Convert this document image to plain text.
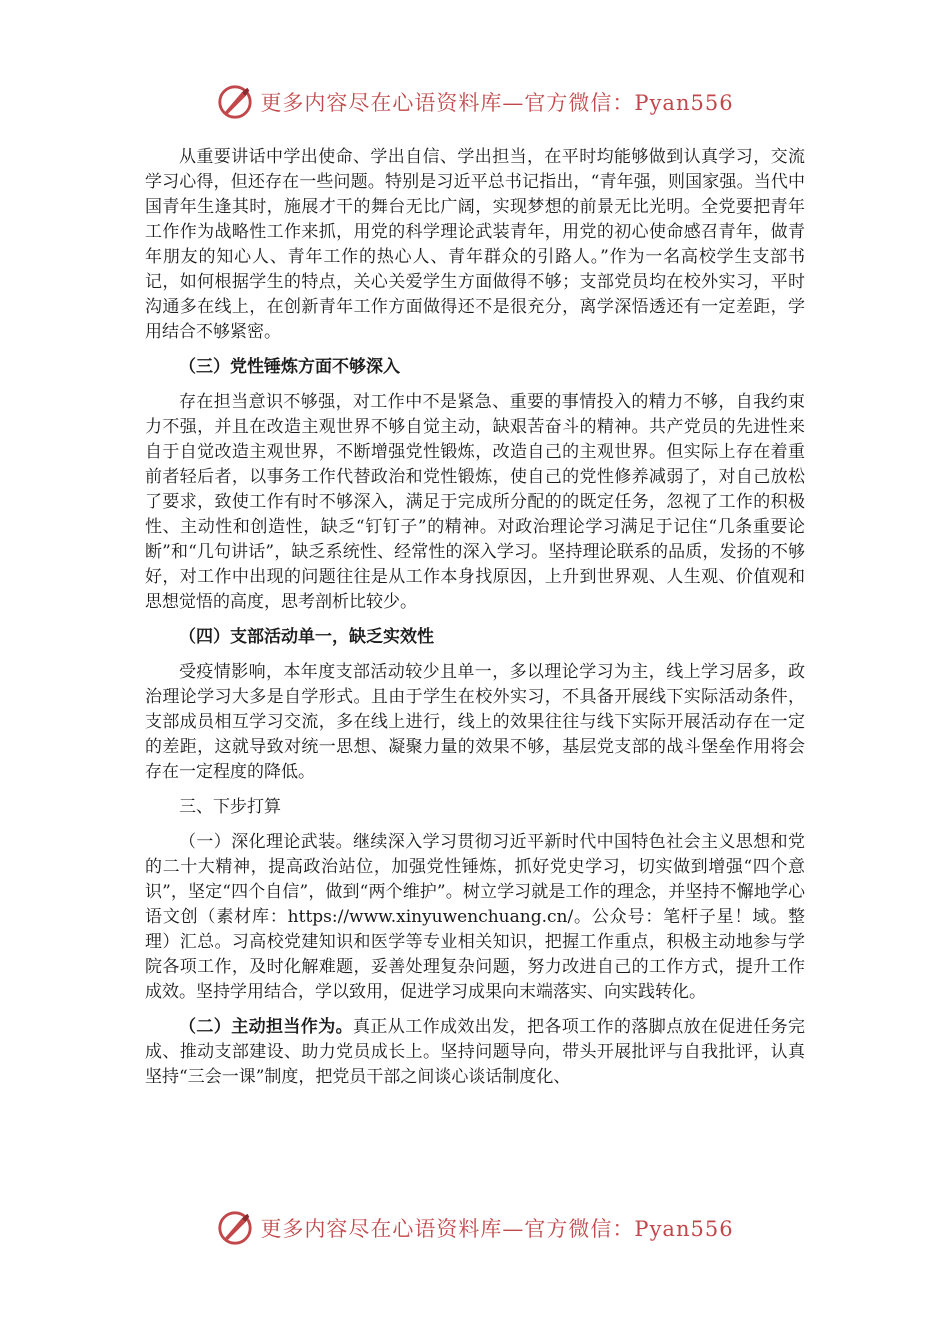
更多内容尽在心语资料库—官方微信：Pyan556

从重要讲话中学出使命、学出自信、学出担当，在平时均能够做到认真学习，交流学习心得，但还存在一些问题。特别是习近平总书记指出，“青年强，则国家强。当代中国青年生逢其时，施展才干的舞台无比广阔，实现梦想的前景无比光明。全党要把青年工作作为战略性工作来抓，用党的科学理论武装青年，用党的初心使命感召青年，做青年朋友的知心人、青年工作的热心人、青年群众的引路人。”作为一名高校学生支部书记，如何根据学生的特点，关心关爱学生方面做得不够；支部党员均在校外实习，平时沟通多在线上，在创新青年工作方面做得还不是很充分，离学深悟透还有一定差距，学用结合不够紧密。

（三）党性锤炼方面不够深入

存在担当意识不够强，对工作中不是紧急、重要的事情投入的精力不够，自我约束力不强，并且在改造主观世界不够自觉主动，缺艰苦奋斗的精神。共产党员的先进性来自于自觉改造主观世界，不断增强党性锻炼，改造自己的主观世界。但实际上存在着重前者轻后者，以事务工作代替政治和党性锻炼，使自己的党性修养减弱了，对自己放松了要求，致使工作有时不够深入，满足于完成所分配的的既定任务，忽视了工作的积极性、主动性和创造性，缺乏“钉钉子”的精神。对政治理论学习满足于记住“几条重要论断”和“几句讲话”，缺乏系统性、经常性的深入学习。坚持理论联系的品质，发扬的不够好，对工作中出现的问题往往是从工作本身找原因，上升到世界观、人生观、价值观和思想觉悟的高度，思考剖析比较少。

（四）支部活动单一，缺乏实效性

受疫情影响，本年度支部活动较少且单一，多以理论学习为主，线上学习居多，政治理论学习大多是自学形式。且由于学生在校外实习，不具备开展线下实际活动条件，支部成员相互学习交流，多在线上进行，线上的效果往往与线下实际开展活动存在一定的差距，这就导致对统一思想、凝聚力量的效果不够，基层党支部的战斗堡垒作用将会存在一定程度的降低。

三、下步打算

（一）深化理论武装。继续深入学习贯彻习近平新时代中国特色社会主义思想和党的二十大精神，提高政治站位，加强党性锤炼，抓好党史学习，切实做到增强“四个意识”，坚定“四个自信”，做到“两个维护”。树立学习就是工作的理念，并坚持不懈地学心语文创（素材库：https://www.xinyuwenchuang.cn/。公众号：笔杆子星！域。整理）汇总。习高校党建知识和医学等专业相关知识，把握工作重点，积极主动地参与学院各项工作，及时化解难题，妥善处理复杂问题，努力改进自己的工作方式，提升工作成效。坚持学用结合，学以致用，促进学习成果向末端落实、向实践转化。

（二）主动担当作为。真正从工作成效出发，把各项工作的落脚点放在促进任务完成、推动支部建设、助力党员成长上。坚持问题导向，带头开展批评与自我批评，认真坚持“三会一课”制度，把党员干部之间谈心谈话制度化、

更多内容尽在心语资料库—官方微信：Pyan556
